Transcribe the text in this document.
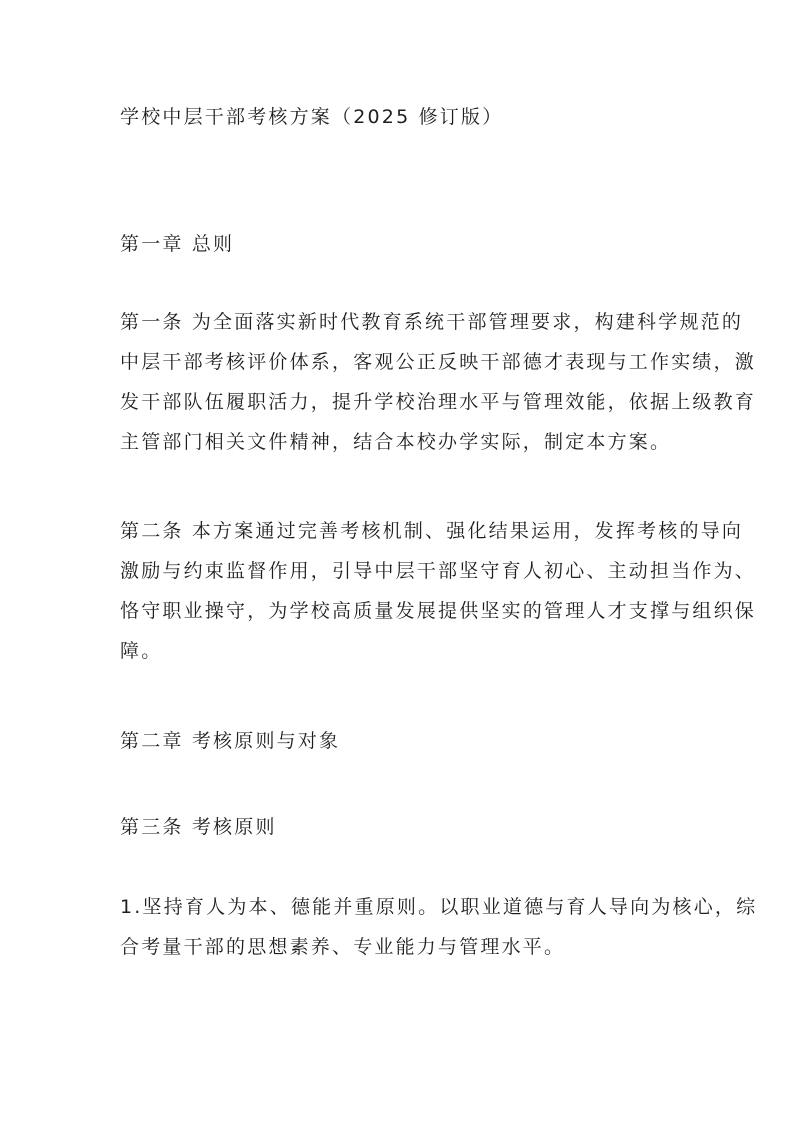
学校中层干部考核方案（2025 修订版）
第一章 总则
第一条 为全面落实新时代教育系统干部管理要求，构建科学规范的
中层干部考核评价体系，客观公正反映干部德才表现与工作实绩，激
发干部队伍履职活力，提升学校治理水平与管理效能，依据上级教育
主管部门相关文件精神，结合本校办学实际，制定本方案。
第二条 本方案通过完善考核机制、强化结果运用，发挥考核的导向
激励与约束监督作用，引导中层干部坚守育人初心、主动担当作为、
恪守职业操守，为学校高质量发展提供坚实的管理人才支撑与组织保
障。
第二章 考核原则与对象
第三条 考核原则
1.坚持育人为本、德能并重原则。以职业道德与育人导向为核心，综
合考量干部的思想素养、专业能力与管理水平。
